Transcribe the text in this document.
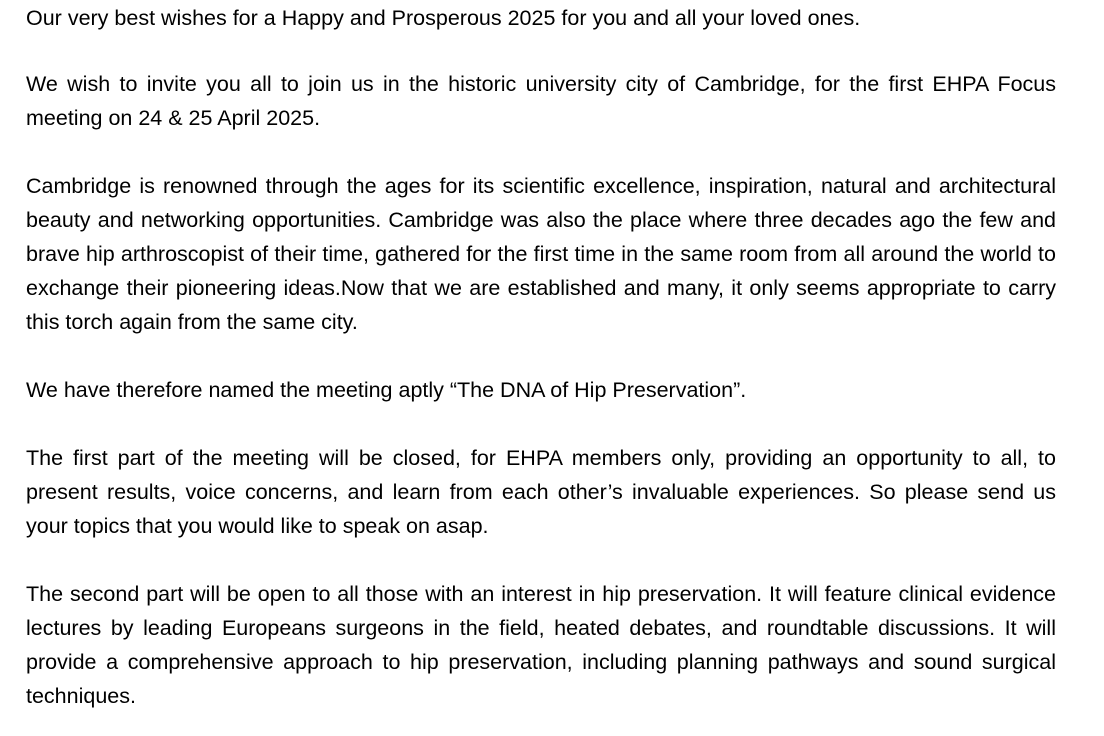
Our very best wishes for a Happy and Prosperous 2025 for you and all your loved ones.

We wish to invite you all to join us in the historic university city of Cambridge, for the first EHPA Focus meeting on 24 & 25 April 2025.

Cambridge is renowned through the ages for its scientific excellence, inspiration, natural and architectural beauty and networking opportunities. Cambridge was also the place where three decades ago the few and brave hip arthroscopist of their time, gathered for the first time in the same room from all around the world to exchange their pioneering ideas.Now that we are established and many, it only seems appropriate to carry this torch again from the same city.

We have therefore named the meeting aptly “The DNA of Hip Preservation”.

The first part of the meeting will be closed, for EHPA members only, providing an opportunity to all, to present results, voice concerns, and learn from each other’s invaluable experiences. So please send us your topics that you would like to speak on asap.

The second part will be open to all those with an interest in hip preservation. It will feature clinical evidence lectures by leading Europeans surgeons in the field, heated debates, and roundtable discussions. It will provide a comprehensive approach to hip preservation, including planning pathways and sound surgical techniques.
